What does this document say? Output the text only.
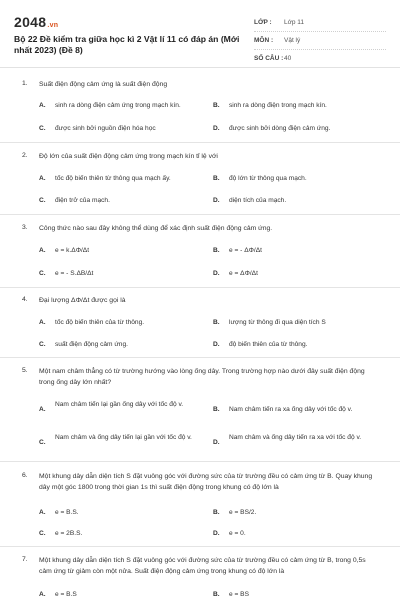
2048.vn
Bộ 22 Đề kiểm tra giữa học kì 2 Vật lí 11 có đáp án (Mới nhất 2023) (Đề 8)
LỚP :	Lớp 11
MÔN :	Vật lý
SỐ CÂU : 40
1. Suất điện động cảm ứng là suất điện động
A. sinh ra dòng điện cảm ứng trong mạch kín.	B. sinh ra dòng điện trong mạch kín.
C. được sinh bởi nguồn điện hóa học	D. được sinh bởi dòng điện cảm ứng.
2. Độ lớn của suất điện động cảm ứng trong mạch kín tỉ lệ với
A. tốc độ biến thiên từ thông qua mạch ấy.	B. độ lớn từ thông qua mạch.
C. điện trở của mạch.	D. diện tích của mạch.
3. Công thức nào sau đây không thể dùng để xác định suất điện động cảm ứng.
A. e = k.ΔΦ/Δt	B. e = - ΔΦ/Δt
C. e = - S.ΔB/Δt	D. e = ΔΦ/Δt
4. Đại lượng ΔΦ/Δt được gọi là
A. tốc độ biến thiên của từ thông.	B. lượng từ thông đi qua diện tích S
C. suất điện động cảm ứng.	D. độ biến thiên của từ thông.
5. Một nam châm thẳng có từ trường hướng vào lòng ống dây. Trong trường hợp nào dưới đây suất điện động trong ống dây lớn nhất?
A.
Nam châm tiến lại gần ống dây với tốc độ v.
B. Nam châm tiến ra xa ống dây với tốc độ v.
C.
Nam châm và ống dây tiến lại gần với tốc độ v.
D.
Nam châm và ống dây tiến ra xa với tốc độ v.
6. Một khung dây dẫn diện tích S đặt vuông góc với đường sức của từ trường đều có cảm ứng từ B. Quay khung dây một góc 1800 trong thời gian 1s thì suất điện động trong khung có độ lớn là
A. e = B.S.	B. e = BS/2.
C. e = 2B.S.	D. e = 0.
7. Một khung dây dẫn diện tích S đặt vuông góc với đường sức của từ trường đều có cảm ứng từ B, trong 0,5s cảm ứng từ giảm còn một nửa. Suất điện động cảm ứng trong khung có độ lớn là
A. e = B.S	B. e = BS
